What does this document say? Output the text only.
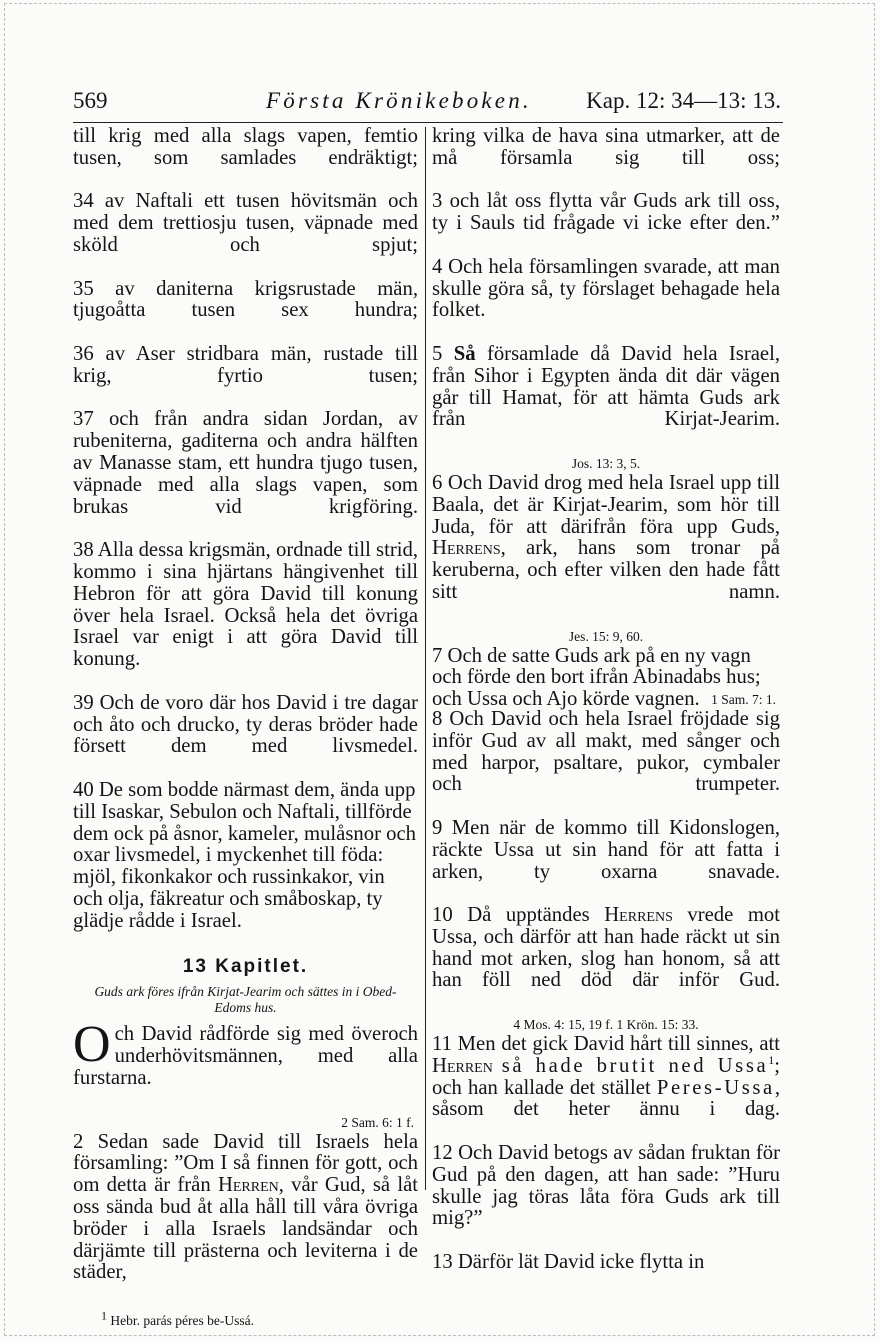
569	Första Krönikeboken. Kap. 12: 34—13: 13.
till krig med alla slags vapen, femtio tusen, som samlades endräktigt;
34 av Naftali ett tusen hövitsmän och med dem trettiosju tusen, väpnade med sköld och spjut;
35 av daniterna krigsrustade män, tjugoåtta tusen sex hundra;
36 av Aser stridbara män, rustade till krig, fyrtio tusen;
37 och från andra sidan Jordan, av rubeniterna, gaditerna och andra hälften av Manasse stam, ett hundra tjugo tusen, väpnade med alla slags vapen, som brukas vid krigföring.
38 Alla dessa krigsmän, ordnade till strid, kommo i sina hjärtans hängivenhet till Hebron för att göra David till konung över hela Israel. Också hela det övriga Israel var enigt i att göra David till konung.
39 Och de voro där hos David i tre dagar och åto och drucko, ty deras bröder hade försett dem med livsmedel.
40 De som bodde närmast dem, ända upp till Isaskar, Sebulon och Naftali, tillförde dem ock på åsnor, kameler, mulåsnor och oxar livsmedel, i myckenhet till föda: mjöl, fikonkakor och russinkakor, vin och olja, fäkreatur och småboskap, ty glädje rådde i Israel.
13 Kapitlet.
Guds ark föres ifrån Kirjat-Jearim och sättes in i Obed-Edoms hus.
Och David rådförde sig med överoch underhövitsmännen, med alla furstarna.
2 Sam. 6: 1 f.
2 Sedan sade David till Israels hela församling: ”Om I så finnen för gott, och om detta är från Herren, vår Gud, så låt oss sända bud åt alla håll till våra övriga bröder i alla Israels landsändar och därjämte till prästerna och leviterna i de städer,
$^1$ Hebr. parás péres be-Ussá.
kring vilka de hava sina utmarker, att de må församla sig till oss;
3 och låt oss flytta vår Guds ark till oss, ty i Sauls tid frågade vi icke efter den.”
4 Och hela församlingen svarade, att man skulle göra så, ty förslaget behagade hela folket.
5 Så församlade då David hela Israel, från Sihor i Egypten ända dit där vägen går till Hamat, för att hämta Guds ark från Kirjat-Jearim.
Jos. 13: 3, 5.
6 Och David drog med hela Israel upp till Baala, det är Kirjat-Jearim, som hör till Juda, för att därifrån föra upp Guds, Herrens, ark, hans som tronar på keruberna, och efter vilken den hade fått sitt namn.
Jes. 15: 9, 60.
7 Och de satte Guds ark på en ny vagn och förde den bort ifrån Abinadabs hus; och Ussa och Ajo körde vagnen. 1 Sam. 7: 1.
8 Och David och hela Israel fröjdade sig inför Gud av all makt, med sånger och med harpor, psaltare, pukor, cymbaler och trumpeter.
9 Men när de kommo till Kidonslogen, räckte Ussa ut sin hand för att fatta i arken, ty oxarna snavade.
10 Då upptändes Herrens vrede mot Ussa, och därför att han hade räckt ut sin hand mot arken, slog han honom, så att han föll ned död där inför Gud.
4 Mos. 4: 15, 19 f. 1 Krön. 15: 33.
11 Men det gick David hårt till sinnes, att Herren så hade brutit ned Ussa$^1$; och han kallade det stället Peres-Ussa, såsom det heter ännu i dag.
12 Och David betogs av sådan fruktan för Gud på den dagen, att han sade: ”Huru skulle jag töras låta föra Guds ark till mig?”
13 Därför lät David icke flytta in
